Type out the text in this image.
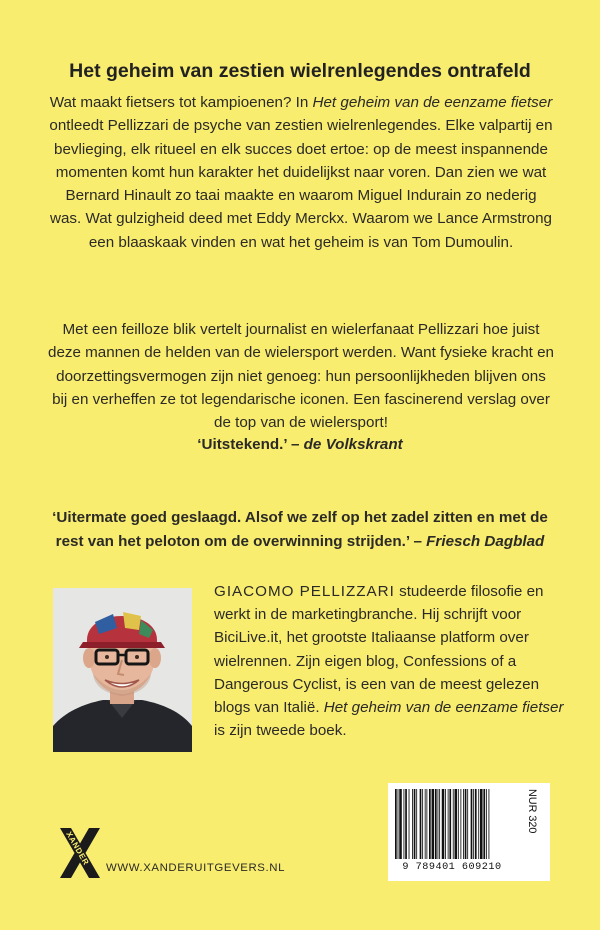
Het geheim van zestien wielrenlegendes ontrafeld
Wat maakt fietsers tot kampioenen? In Het geheim van de eenzame fietser ontleedt Pellizzari de psyche van zestien wielrenlegendes. Elke valpartij en bevlieging, elk ritueel en elk succes doet ertoe: op de meest inspannende momenten komt hun karakter het duidelijkst naar voren. Dan zien we wat Bernard Hinault zo taai maakte en waarom Miguel Indurain zo nederig was. Wat gulzigheid deed met Eddy Merckx. Waarom we Lance Armstrong een blaaskaak vinden en wat het geheim is van Tom Dumoulin.
Met een feilloze blik vertelt journalist en wielerfanaat Pellizzari hoe juist deze mannen de helden van de wielersport werden. Want fysieke kracht en doorzettingsvermogen zijn niet genoeg: hun persoonlijkheden blijven ons bij en verheffen ze tot legendarische iconen. Een fascinerend verslag over de top van de wielersport!
‘Uitstekend.’ – de Volkskrant
‘Uitermate goed geslaagd. Alsof we zelf op het zadel zitten en met de rest van het peloton om de overwinning strijden.’ – Friesch Dagblad
GIACOMO PELLIZZARI studeerde filosofie en werkt in de marketingbranche. Hij schrijft voor BiciLive.it, het grootste Italiaanse platform over wielrennen. Zijn eigen blog, Confessions of a Dangerous Cyclist, is een van de meest gelezen blogs van Italië. Het geheim van de eenzame fietser is zijn tweede boek.
XANDER
WWW.XANDERUITGEVERS.NL	9 789401 609210
NUR 320
